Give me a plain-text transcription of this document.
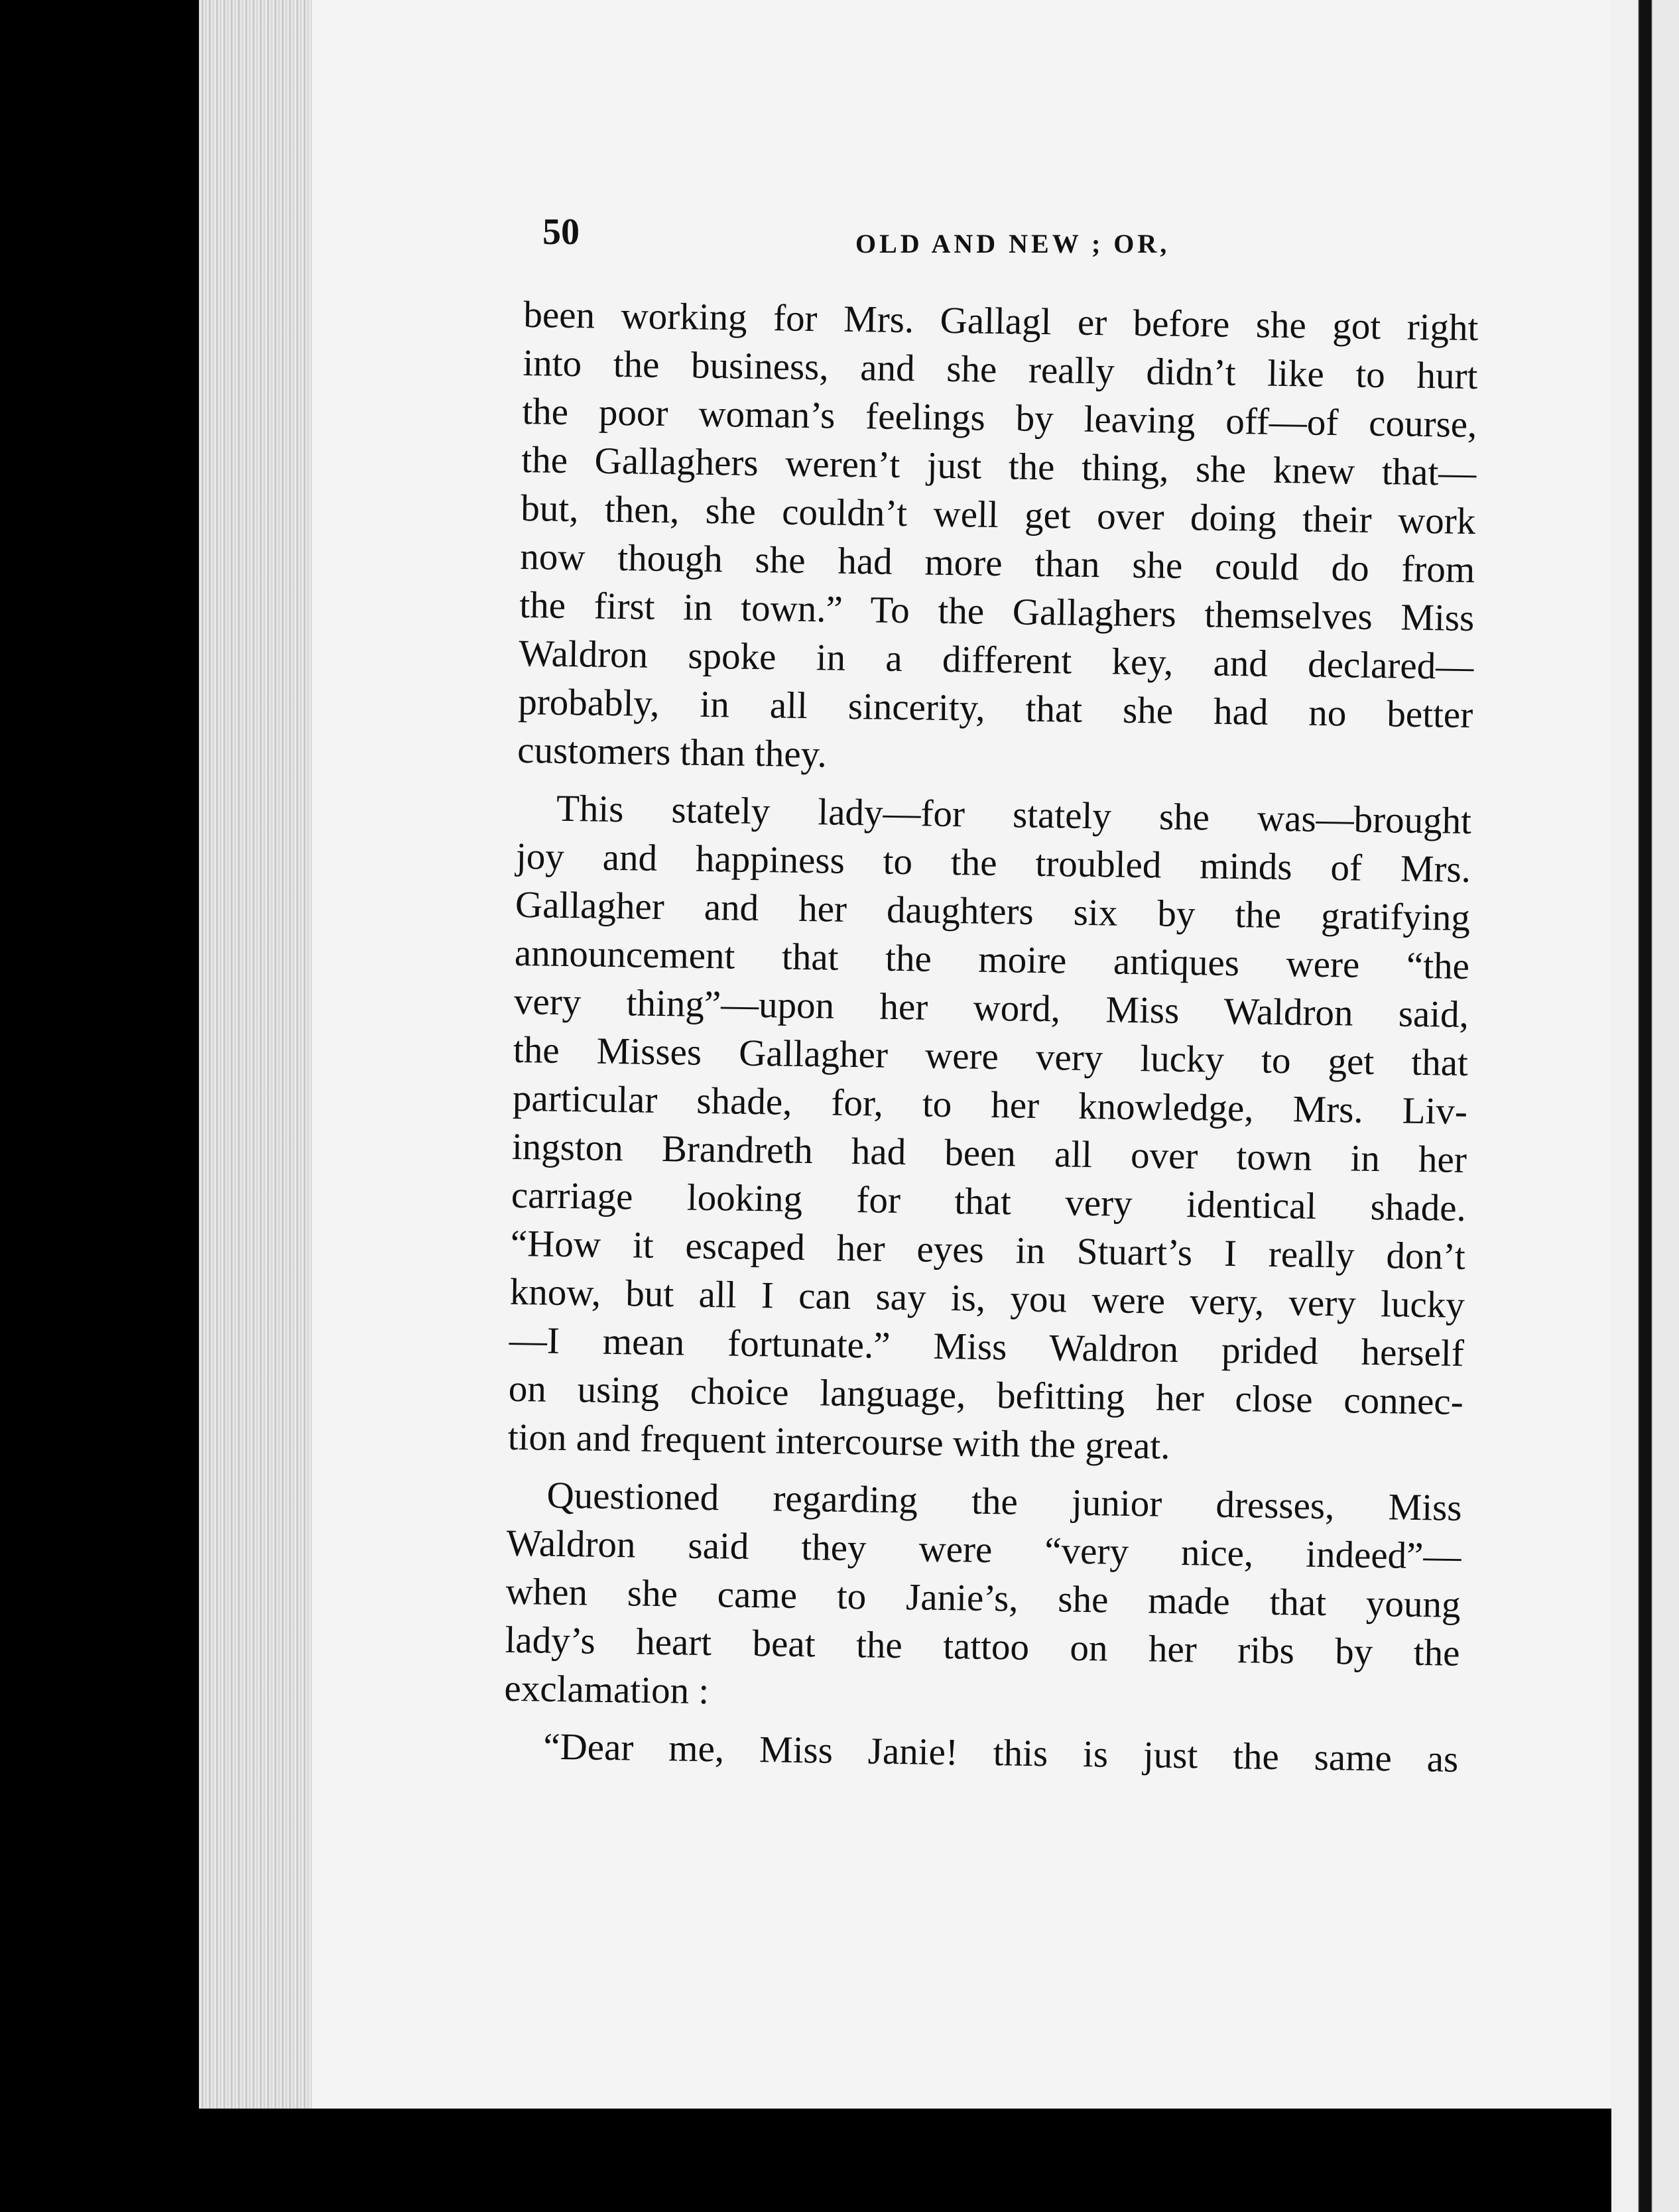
50	OLD AND NEW ; OR,
been working for Mrs. Gallagl er before she got right
into the business, and she really didn’t like to hurt
the poor woman’s feelings by leaving off—of course,
the Gallaghers weren’t just the thing, she knew that—
but, then, she couldn’t well get over doing their work
now though she had more than she could do from
the first in town.” To the Gallaghers themselves Miss
Waldron spoke in a different key, and declared—
probably, in all sincerity, that she had no better
customers than they.
This stately lady—for stately she was—brought
joy and happiness to the troubled minds of Mrs.
Gallagher and her daughters six by the gratifying
announcement that the moire antiques were “the
very thing”—upon her word, Miss Waldron said,
the Misses Gallagher were very lucky to get that
particular shade, for, to her knowledge, Mrs. Liv-
ingston Brandreth had been all over town in her
carriage looking for that very identical shade.
“How it escaped her eyes in Stuart’s I really don’t
know, but all I can say is, you were very, very lucky
—I mean fortunate.” Miss Waldron prided herself
on using choice language, befitting her close connec-
tion and frequent intercourse with the great.
Questioned regarding the junior dresses, Miss
Waldron said they were “very nice, indeed”—
when she came to Janie’s, she made that young
lady’s heart beat the tattoo on her ribs by the
exclamation :
“Dear me, Miss Janie! this is just the same as
